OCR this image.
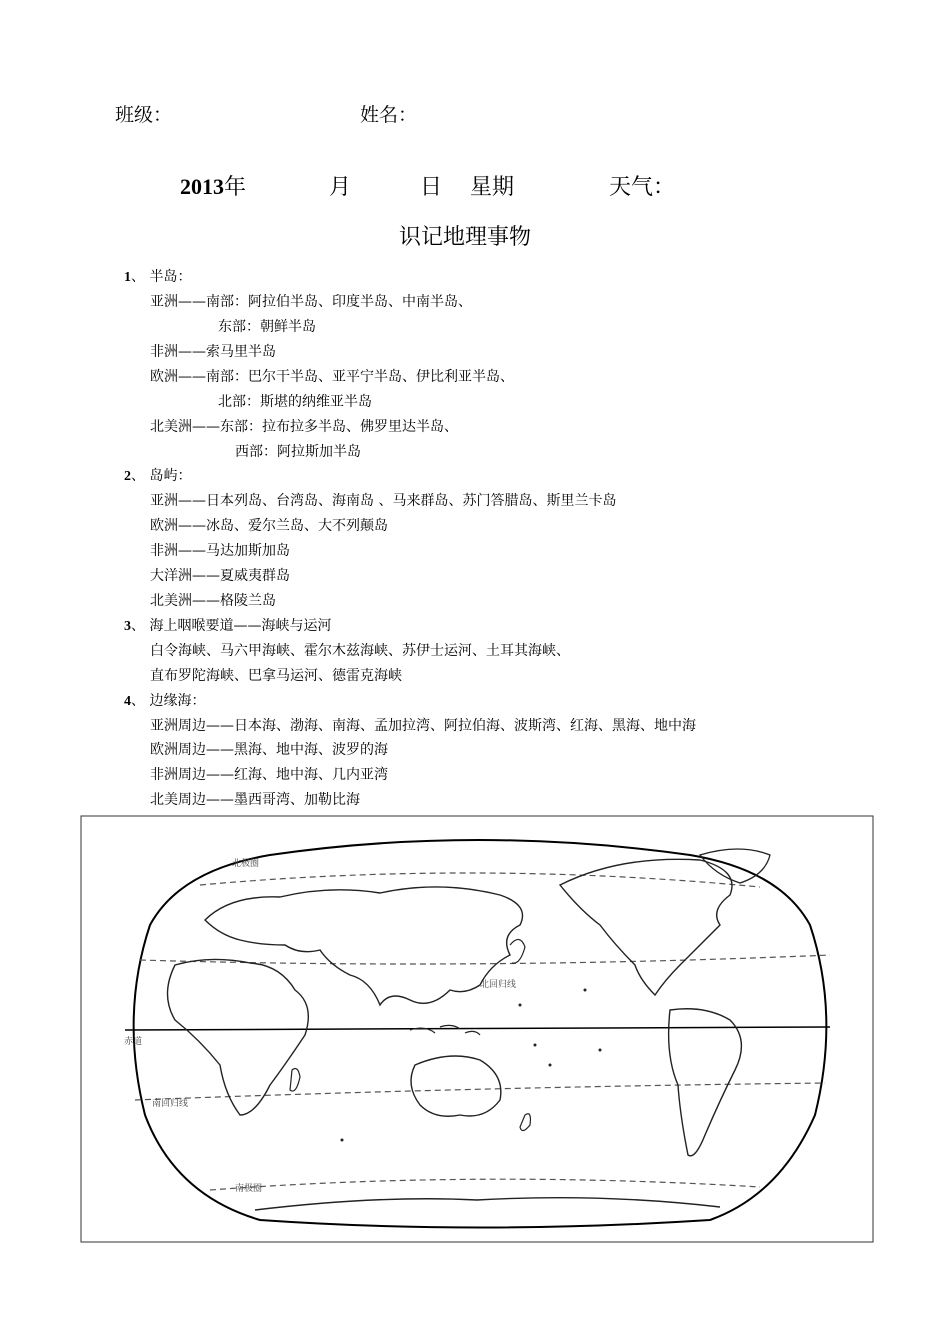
班级：	姓名：
2013年	月	日 星期	天气：
识记地理事物
1、 半岛：
亚洲——南部：阿拉伯半岛、印度半岛、中南半岛、
东部：朝鲜半岛
非洲——索马里半岛
欧洲——南部：巴尔干半岛、亚平宁半岛、伊比利亚半岛、
北部：斯堪的纳维亚半岛
北美洲——东部：拉布拉多半岛、佛罗里达半岛、
西部：阿拉斯加半岛
2、 岛屿：
亚洲——日本列岛、台湾岛、海南岛 、马来群岛、苏门答腊岛、斯里兰卡岛
欧洲——冰岛、爱尔兰岛、大不列颠岛
非洲——马达加斯加岛
大洋洲——夏威夷群岛
北美洲——格陵兰岛
3、 海上咽喉要道——海峡与运河
白令海峡、马六甲海峡、霍尔木兹海峡、苏伊士运河、土耳其海峡、
直布罗陀海峡、巴拿马运河、德雷克海峡
4、 边缘海：
亚洲周边——日本海、渤海、南海、孟加拉湾、阿拉伯海、波斯湾、红海、黑海、地中海
欧洲周边——黑海、地中海、波罗的海
非洲周边——红海、地中海、几内亚湾
北美周边——墨西哥湾、加勒比海
北极圈
北回归线
赤道
南回归线
南极圈
